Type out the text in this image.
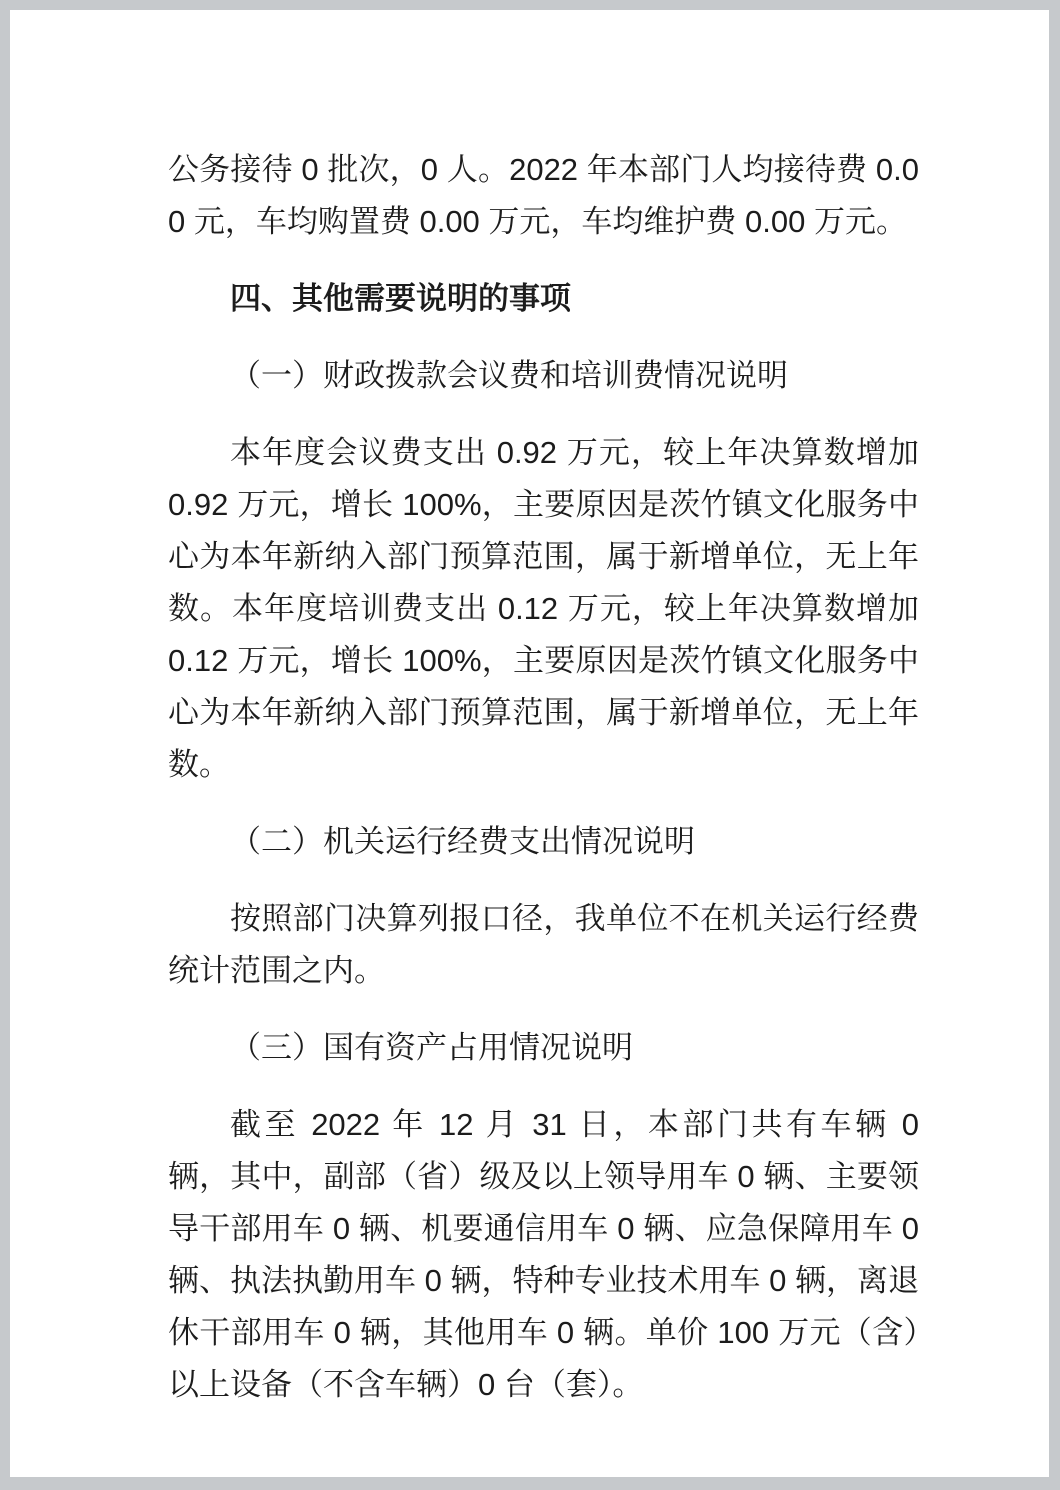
公务接待 0 批次，0 人。2022 年本部门人均接待费 0.00 元，车均购置费 0.00 万元，车均维护费 0.00 万元。

四、其他需要说明的事项

（一）财政拨款会议费和培训费情况说明

本年度会议费支出 0.92 万元，较上年决算数增加 0.92 万元，增长 100%，主要原因是茨竹镇文化服务中心为本年新纳入部门预算范围，属于新增单位，无上年数。本年度培训费支出 0.12 万元，较上年决算数增加 0.12 万元，增长 100%，主要原因是茨竹镇文化服务中心为本年新纳入部门预算范围，属于新增单位，无上年数。

（二）机关运行经费支出情况说明

按照部门决算列报口径，我单位不在机关运行经费统计范围之内。

（三）国有资产占用情况说明

截至 2022 年 12 月 31 日，本部门共有车辆 0 辆，其中，副部（省）级及以上领导用车 0 辆、主要领导干部用车 0 辆、机要通信用车 0 辆、应急保障用车 0 辆、执法执勤用车 0 辆，特种专业技术用车 0 辆，离退休干部用车 0 辆，其他用车 0 辆。单价 100 万元（含）以上设备（不含车辆）0 台（套）。
